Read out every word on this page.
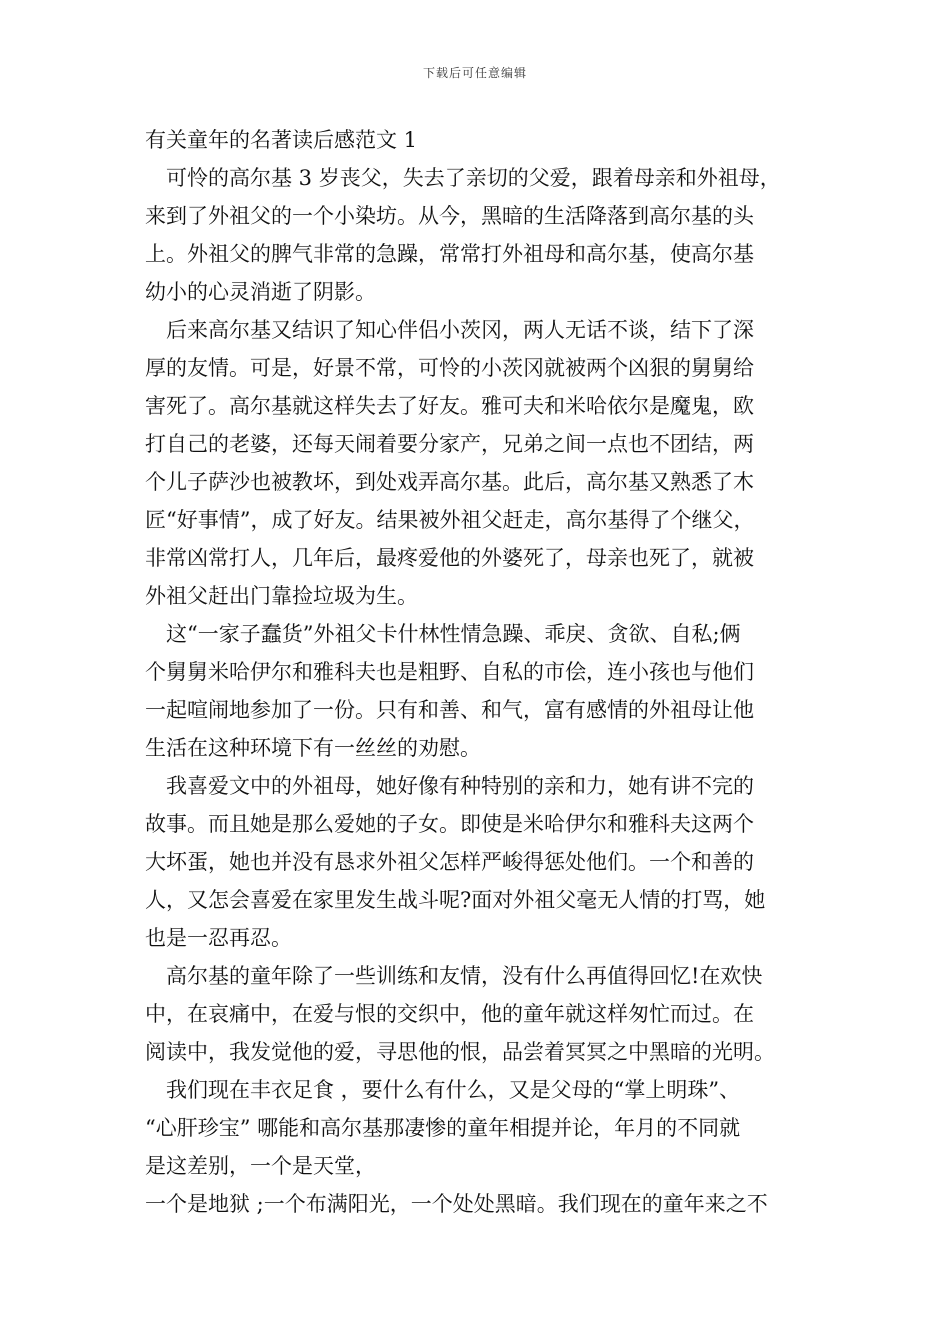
下载后可任意编辑
有关童年的名著读后感范文 1
可怜的高尔基 3 岁丧父，失去了亲切的父爱，跟着母亲和外祖母，
来到了外祖父的一个小染坊。从今，黑暗的生活降落到高尔基的头
上。外祖父的脾气非常的急躁，常常打外祖母和高尔基，使高尔基
幼小的心灵消逝了阴影。
后来高尔基又结识了知心伴侣小茨冈，两人无话不谈，结下了深
厚的友情。可是，好景不常，可怜的小茨冈就被两个凶狠的舅舅给
害死了。高尔基就这样失去了好友。雅可夫和米哈依尔是魔鬼，欧
打自己的老婆，还每天闹着要分家产，兄弟之间一点也不团结，两
个儿子萨沙也被教坏，到处戏弄高尔基。此后，高尔基又熟悉了木
匠“好事情”，成了好友。结果被外祖父赶走，高尔基得了个继父，
非常凶常打人，几年后，最疼爱他的外婆死了，母亲也死了，就被
外祖父赶出门靠捡垃圾为生。
这“一家子蠢货”外祖父卡什林性情急躁、乖戾、贪欲、自私;俩
个舅舅米哈伊尔和雅科夫也是粗野、自私的市侩，连小孩也与他们
一起喧闹地参加了一份。只有和善、和气，富有感情的外祖母让他
生活在这种环境下有一丝丝的劝慰。
我喜爱文中的外祖母，她好像有种特别的亲和力，她有讲不完的
故事。而且她是那么爱她的子女。即使是米哈伊尔和雅科夫这两个
大坏蛋，她也并没有恳求外祖父怎样严峻得惩处他们。一个和善的
人，又怎会喜爱在家里发生战斗呢?面对外祖父毫无人情的打骂，她
也是一忍再忍。
高尔基的童年除了一些训练和友情，没有什么再值得回忆!在欢快
中，在哀痛中，在爱与恨的交织中，他的童年就这样匆忙而过。在
阅读中，我发觉他的爱，寻思他的恨，品尝着冥冥之中黑暗的光明。
我们现在丰衣足食 ，要什么有什么，又是父母的“掌上明珠”、
“心肝珍宝” 哪能和高尔基那凄惨的童年相提并论，年月的不同就
是这差别，一个是天堂，
一个是地狱 ;一个布满阳光，一个处处黑暗。我们现在的童年来之不
